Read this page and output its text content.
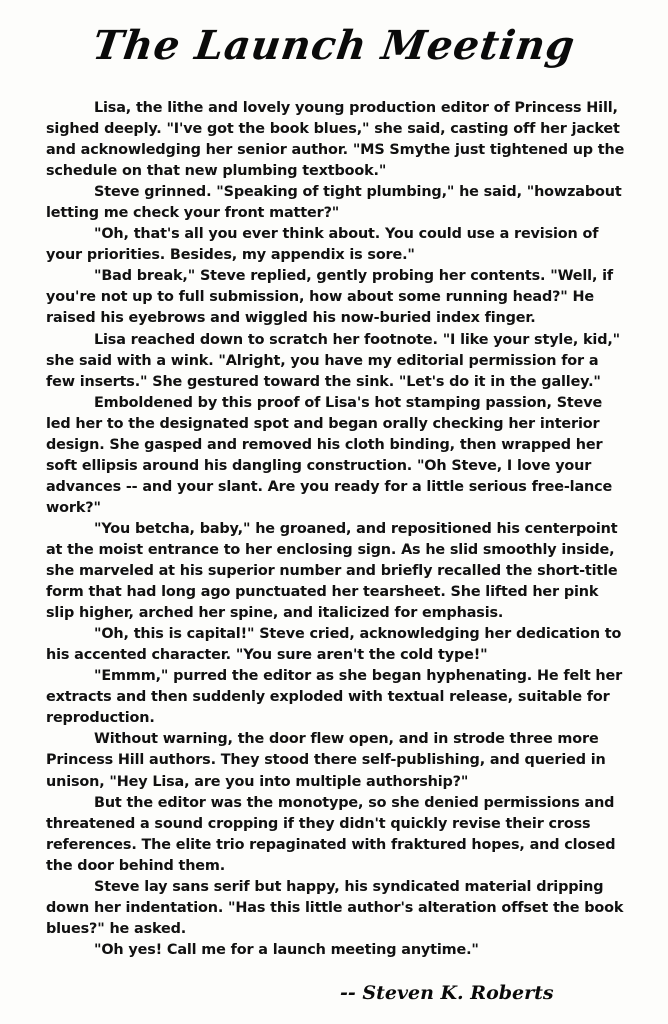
The Launch Meeting

Lisa, the lithe and lovely young production editor of Princess Hill, sighed deeply. "I've got the book blues," she said, casting off her jacket and acknowledging her senior author. "MS Smythe just tightened up the schedule on that new plumbing textbook."

Steve grinned. "Speaking of tight plumbing," he said, "howzabout letting me check your front matter?"

"Oh, that's all you ever think about. You could use a revision of your priorities. Besides, my appendix is sore."

"Bad break," Steve replied, gently probing her contents. "Well, if you're not up to full submission, how about some running head?" He raised his eyebrows and wiggled his now-buried index finger.

Lisa reached down to scratch her footnote. "I like your style, kid," she said with a wink. "Alright, you have my editorial permission for a few inserts." She gestured toward the sink. "Let's do it in the galley."

Emboldened by this proof of Lisa's hot stamping passion, Steve led her to the designated spot and began orally checking her interior design. She gasped and removed his cloth binding, then wrapped her soft ellipsis around his dangling construction. "Oh Steve, I love your advances -- and your slant. Are you ready for a little serious free-lance work?"

"You betcha, baby," he groaned, and repositioned his centerpoint at the moist entrance to her enclosing sign. As he slid smoothly inside, she marveled at his superior number and briefly recalled the short-title form that had long ago punctuated her tearsheet. She lifted her pink slip higher, arched her spine, and italicized for emphasis.

"Oh, this is capital!" Steve cried, acknowledging her dedication to his accented character. "You sure aren't the cold type!"

"Emmm," purred the editor as she began hyphenating. He felt her extracts and then suddenly exploded with textual release, suitable for reproduction.

Without warning, the door flew open, and in strode three more Princess Hill authors. They stood there self-publishing, and queried in unison, "Hey Lisa, are you into multiple authorship?"

But the editor was the monotype, so she denied permissions and threatened a sound cropping if they didn't quickly revise their cross references. The elite trio repaginated with fraktured hopes, and closed the door behind them.

Steve lay sans serif but happy, his syndicated material dripping down her indentation. "Has this little author's alteration offset the book blues?" he asked.

"Oh yes! Call me for a launch meeting anytime."

-- Steven K. Roberts
